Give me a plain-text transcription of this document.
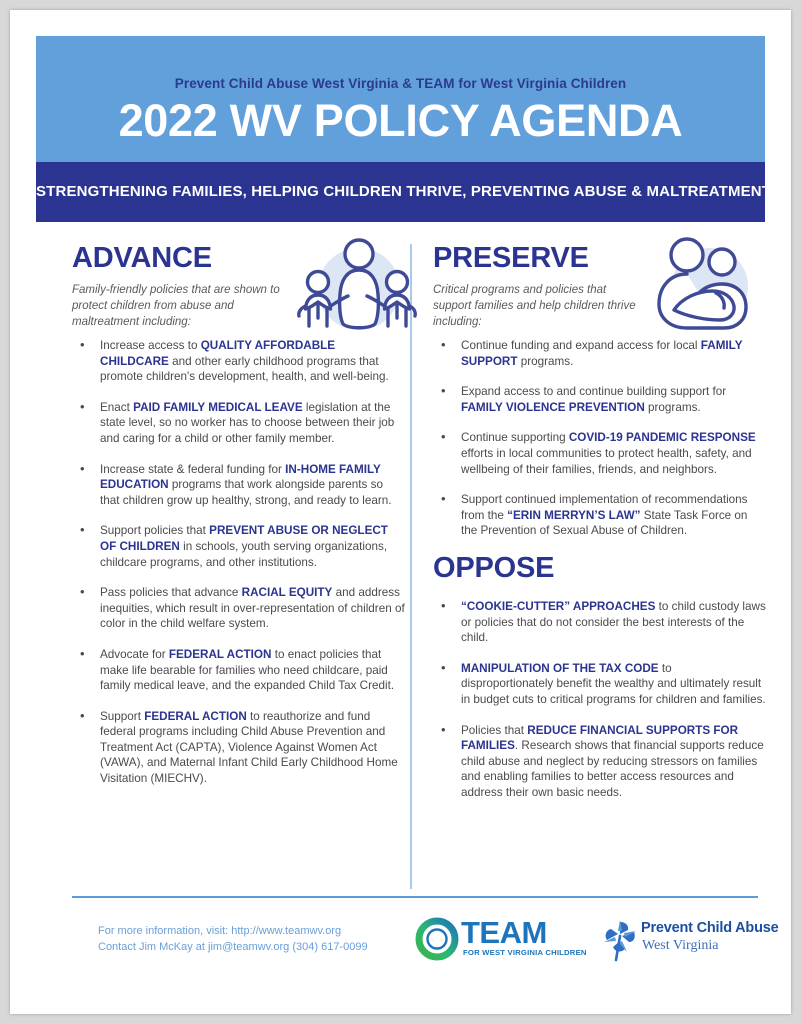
Prevent Child Abuse West Virginia & TEAM for West Virginia Children
2022 WV POLICY AGENDA
STRENGTHENING FAMILIES, HELPING CHILDREN THRIVE, PREVENTING ABUSE & MALTREATMENT
ADVANCE
Family-friendly policies that are shown to protect children from abuse and maltreatment including:
• Increase access to QUALITY AFFORDABLE CHILDCARE and other early childhood programs that promote children's development, health, and well-being.
• Enact PAID FAMILY MEDICAL LEAVE legislation at the state level, so no worker has to choose between their job and caring for a child or other family member.
• Increase state & federal funding for IN-HOME FAMILY EDUCATION programs that work alongside parents so that children grow up healthy, strong, and ready to learn.
• Support policies that PREVENT ABUSE OR NEGLECT OF CHILDREN in schools, youth serving organizations, childcare programs, and other institutions.
• Pass policies that advance RACIAL EQUITY and address inequities, which result in over-representation of children of color in the child welfare system.
• Advocate for FEDERAL ACTION to enact policies that make life bearable for families who need childcare, paid family medical leave, and the expanded Child Tax Credit.
• Support FEDERAL ACTION to reauthorize and fund federal programs including Child Abuse Prevention and Treatment Act (CAPTA), Violence Against Women Act (VAWA), and Maternal Infant Child Early Childhood Home Visitation (MIECHV).
PRESERVE
Critical programs and policies that support families and help children thrive including:
• Continue funding and expand access for local FAMILY SUPPORT programs.
• Expand access to and continue building support for FAMILY VIOLENCE PREVENTION programs.
• Continue supporting COVID-19 PANDEMIC RESPONSE efforts in local communities to protect health, safety, and wellbeing of their families, friends, and neighbors.
• Support continued implementation of recommendations from the “ERIN MERRYN’S LAW” State Task Force on the Prevention of Sexual Abuse of Children.
OPPOSE
• “COOKIE-CUTTER” APPROACHES to child custody laws or policies that do not consider the best interests of the child.
• MANIPULATION OF THE TAX CODE to disproportionately benefit the wealthy and ultimately result in budget cuts to critical programs for children and families.
• Policies that REDUCE FINANCIAL SUPPORTS FOR FAMILIES. Research shows that financial supports reduce child abuse and neglect by reducing stressors on families and enabling families to better access resources and address their own basic needs.
For more information, visit: http://www.teamwv.org
Contact Jim McKay at jim@teamwv.org (304) 617-0099	TEAM
FOR WEST VIRGINIA CHILDREN
Prevent Child Abuse
West Virginia
